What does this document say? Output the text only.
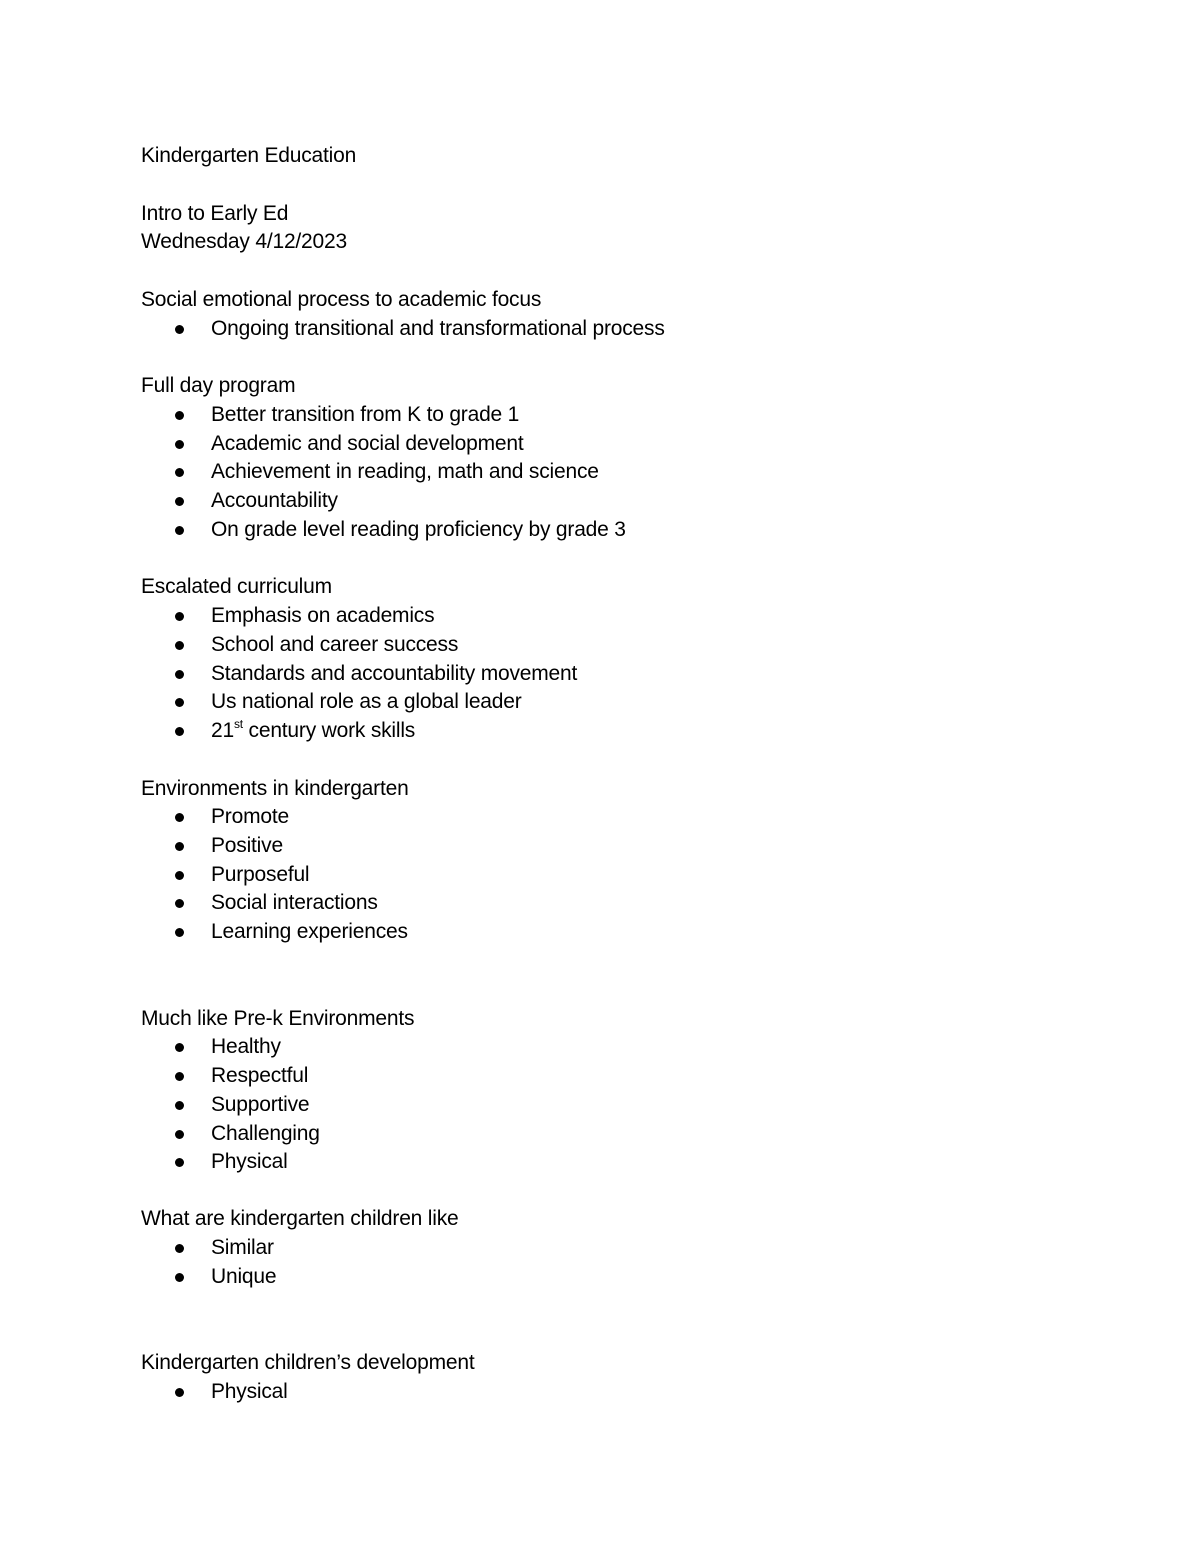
Kindergarten Education
Intro to Early Ed
Wednesday 4/12/2023
Social emotional process to academic focus
Ongoing transitional and transformational process
Full day program
Better transition from K to grade 1
Academic and social development
Achievement in reading, math and science
Accountability
On grade level reading proficiency by grade 3
Escalated curriculum
Emphasis on academics
School and career success
Standards and accountability movement
Us national role as a global leader
21st century work skills
Environments in kindergarten
Promote
Positive
Purposeful
Social interactions
Learning experiences
Much like Pre-k Environments
Healthy
Respectful
Supportive
Challenging
Physical
What are kindergarten children like
Similar
Unique
Kindergarten children’s development
Physical
